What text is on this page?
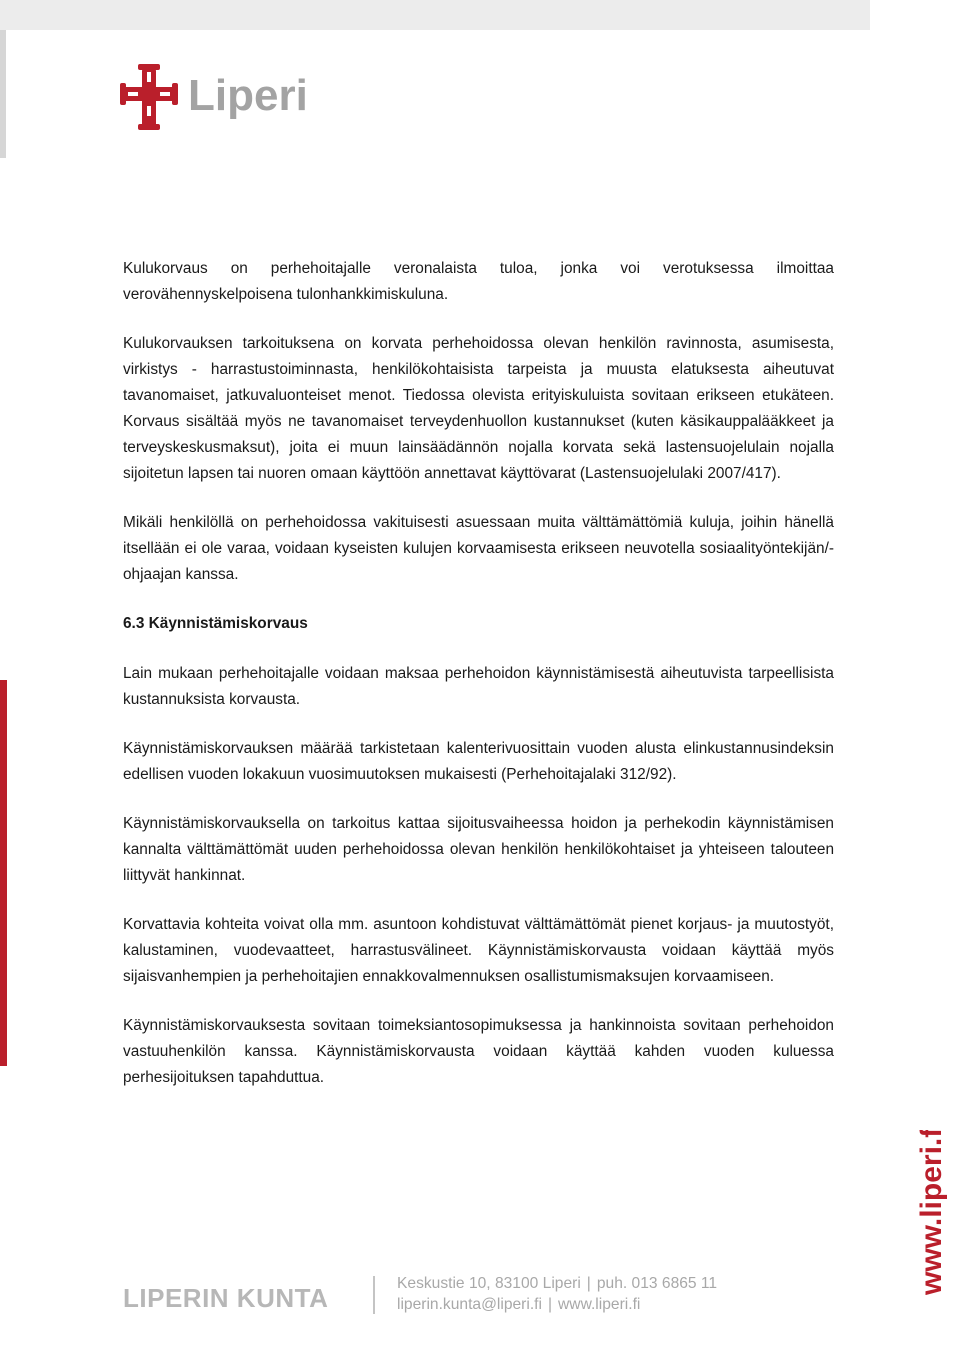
Liperi

Kulukorvaus on perhehoitajalle veronalaista tuloa, jonka voi verotuksessa ilmoittaa verovähennyskelpoisena tulonhankkimiskuluna.

Kulukorvauksen tarkoituksena on korvata perhehoidossa olevan henkilön ravinnosta, asumisesta, virkistys - harrastustoiminnasta, henkilökohtaisista tarpeista ja muusta elatuksesta aiheutuvat tavanomaiset, jatkuvaluonteiset menot. Tiedossa olevista erityiskuluista sovitaan erikseen etukäteen. Korvaus sisältää myös ne tavanomaiset terveydenhuollon kustannukset (kuten käsikauppalääkkeet ja terveyskeskusmaksut), joita ei muun lainsäädännön nojalla korvata sekä lastensuojelulain nojalla sijoitetun lapsen tai nuoren omaan käyttöön annettavat käyttövarat (Lastensuojelulaki 2007/417).

Mikäli henkilöllä on perhehoidossa vakituisesti asuessaan muita välttämättömiä kuluja, joihin hänellä itsellään ei ole varaa, voidaan kyseisten kulujen korvaamisesta erikseen neuvotella sosiaalityöntekijän/-ohjaajan kanssa.

6.3 Käynnistämiskorvaus

Lain mukaan perhehoitajalle voidaan maksaa perhehoidon käynnistämisestä aiheutuvista tarpeellisista kustannuksista korvausta.

Käynnistämiskorvauksen määrää tarkistetaan kalenterivuosittain vuoden alusta elinkustannusindeksin edellisen vuoden lokakuun vuosimuutoksen mukaisesti (Perhehoitajalaki 312/92).

Käynnistämiskorvauksella on tarkoitus kattaa sijoitusvaiheessa hoidon ja perhekodin käynnistämisen kannalta välttämättömät uuden perhehoidossa olevan henkilön henkilökohtaiset ja yhteiseen talouteen liittyvät hankinnat.

Korvattavia kohteita voivat olla mm. asuntoon kohdistuvat välttämättömät pienet korjaus- ja muutostyöt, kalustaminen, vuodevaatteet, harrastusvälineet. Käynnistämiskorvausta voidaan käyttää myös sijaisvanhempien ja perhehoitajien ennakkovalmennuksen osallistumismaksujen korvaamiseen.

Käynnistämiskorvauksesta sovitaan toimeksiantosopimuksessa ja hankinnoista sovitaan perhehoidon vastuuhenkilön kanssa. Käynnistämiskorvausta voidaan käyttää kahden vuoden kuluessa perhesijoituksen tapahduttua.

www.liperi.fi
LIPERIN KUNTA	Keskustie 10, 83100 Liperi | puh. 013 6865 11
liperin.kunta@liperi.fi | www.liperi.fi
